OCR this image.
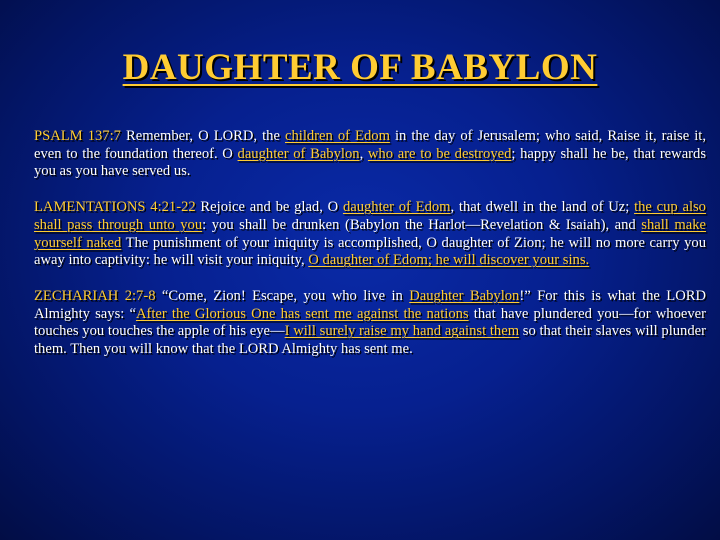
DAUGHTER OF BABYLON

PSALM 137:7 Remember, O LORD, the children of Edom in the day of Jerusalem; who said, Raise it, raise it, even to the foundation thereof. O daughter of Babylon, who are to be destroyed; happy shall he be, that rewards you as you have served us.

LAMENTATIONS 4:21-22 Rejoice and be glad, O daughter of Edom, that dwell in the land of Uz; the cup also shall pass through unto you: you shall be drunken (Babylon the Harlot—Revelation & Isaiah), and shall make yourself naked The punishment of your iniquity is accomplished, O daughter of Zion; he will no more carry you away into captivity: he will visit your iniquity, O daughter of Edom; he will discover your sins.

ZECHARIAH 2:7-8 “Come, Zion! Escape, you who live in Daughter Babylon!” For this is what the LORD Almighty says: “After the Glorious One has sent me against the nations that have plundered you—for whoever touches you touches the apple of his eye—I will surely raise my hand against them so that their slaves will plunder them. Then you will know that the LORD Almighty has sent me.
